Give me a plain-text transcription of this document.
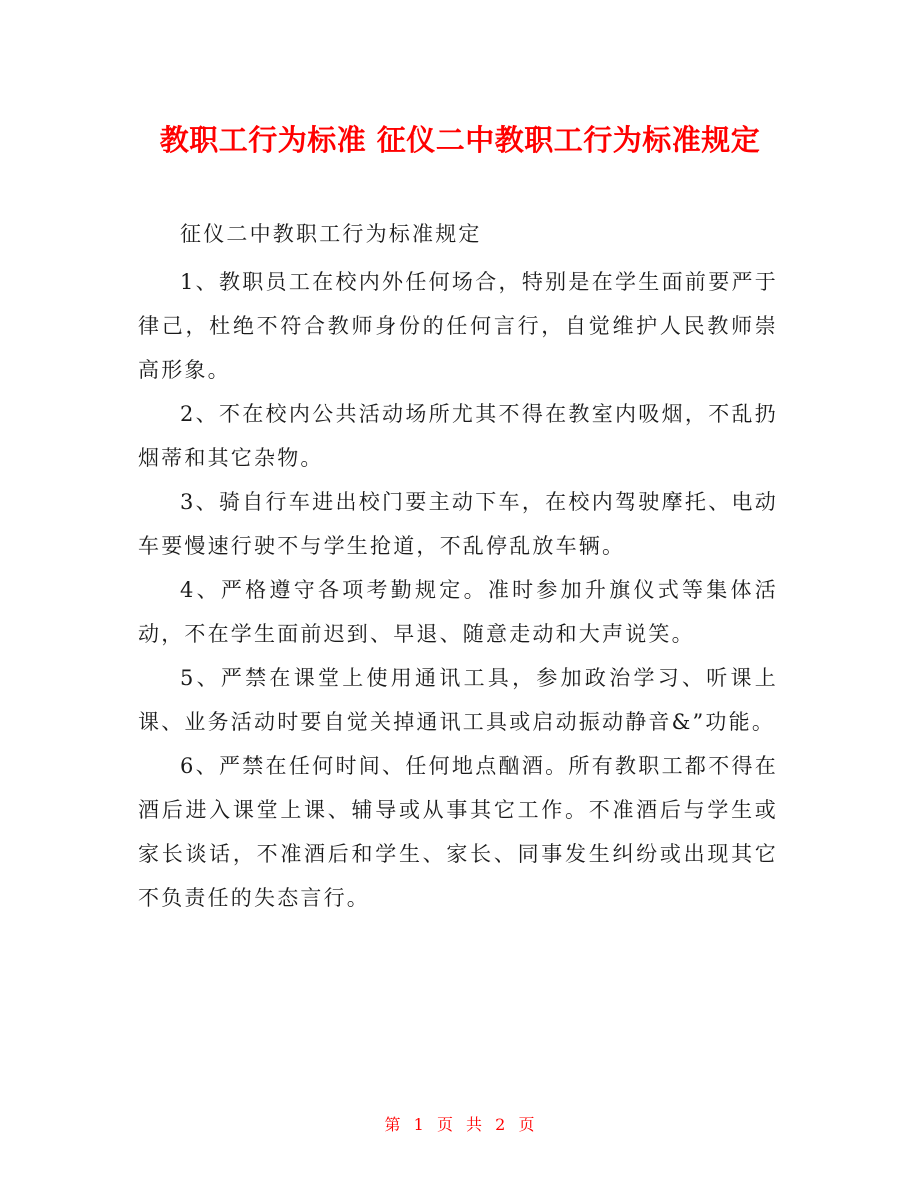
教职工行为标准 征仪二中教职工行为标准规定

征仪二中教职工行为标准规定

1、教职员工在校内外任何场合，特别是在学生面前要严于律己，杜绝不符合教师身份的任何言行，自觉维护人民教师崇高形象。

2、不在校内公共活动场所尤其不得在教室内吸烟，不乱扔烟蒂和其它杂物。

3、骑自行车进出校门要主动下车，在校内驾驶摩托、电动车要慢速行驶不与学生抢道，不乱停乱放车辆。

4、严格遵守各项考勤规定。准时参加升旗仪式等集体活动，不在学生面前迟到、早退、随意走动和大声说笑。

5、严禁在课堂上使用通讯工具，参加政治学习、听课上课、业务活动时要自觉关掉通讯工具或启动振动静音&”功能。

6、严禁在任何时间、任何地点酗酒。所有教职工都不得在酒后进入课堂上课、辅导或从事其它工作。不准酒后与学生或家长谈话，不准酒后和学生、家长、同事发生纠纷或出现其它不负责任的失态言行。

第 1 页 共 2 页
